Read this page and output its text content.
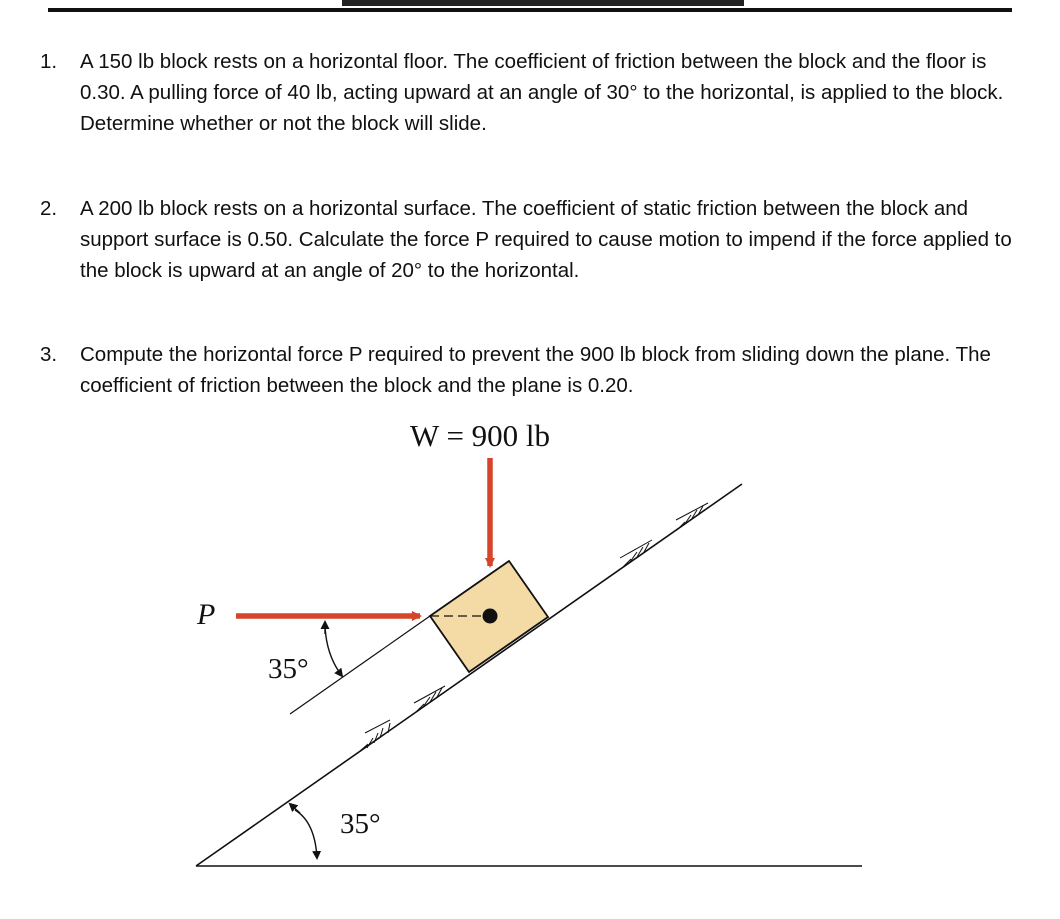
1.	A 150 lb block rests on a horizontal floor. The coefficient of friction between the block and the floor is 0.30. A pulling force of 40 lb, acting upward at an angle of 30° to the horizontal, is applied to the block. Determine whether or not the block will slide.
2.	A 200 lb block rests on a horizontal surface. The coefficient of static friction between the block and support surface is 0.50. Calculate the force P required to cause motion to impend if the force applied to the block is upward at an angle of 20° to the horizontal.
3.	Compute the horizontal force P required to prevent the 900 lb block from sliding down the plane. The coefficient of friction between the block and the plane is 0.20.
W = 900 lb
P
35°
35°
